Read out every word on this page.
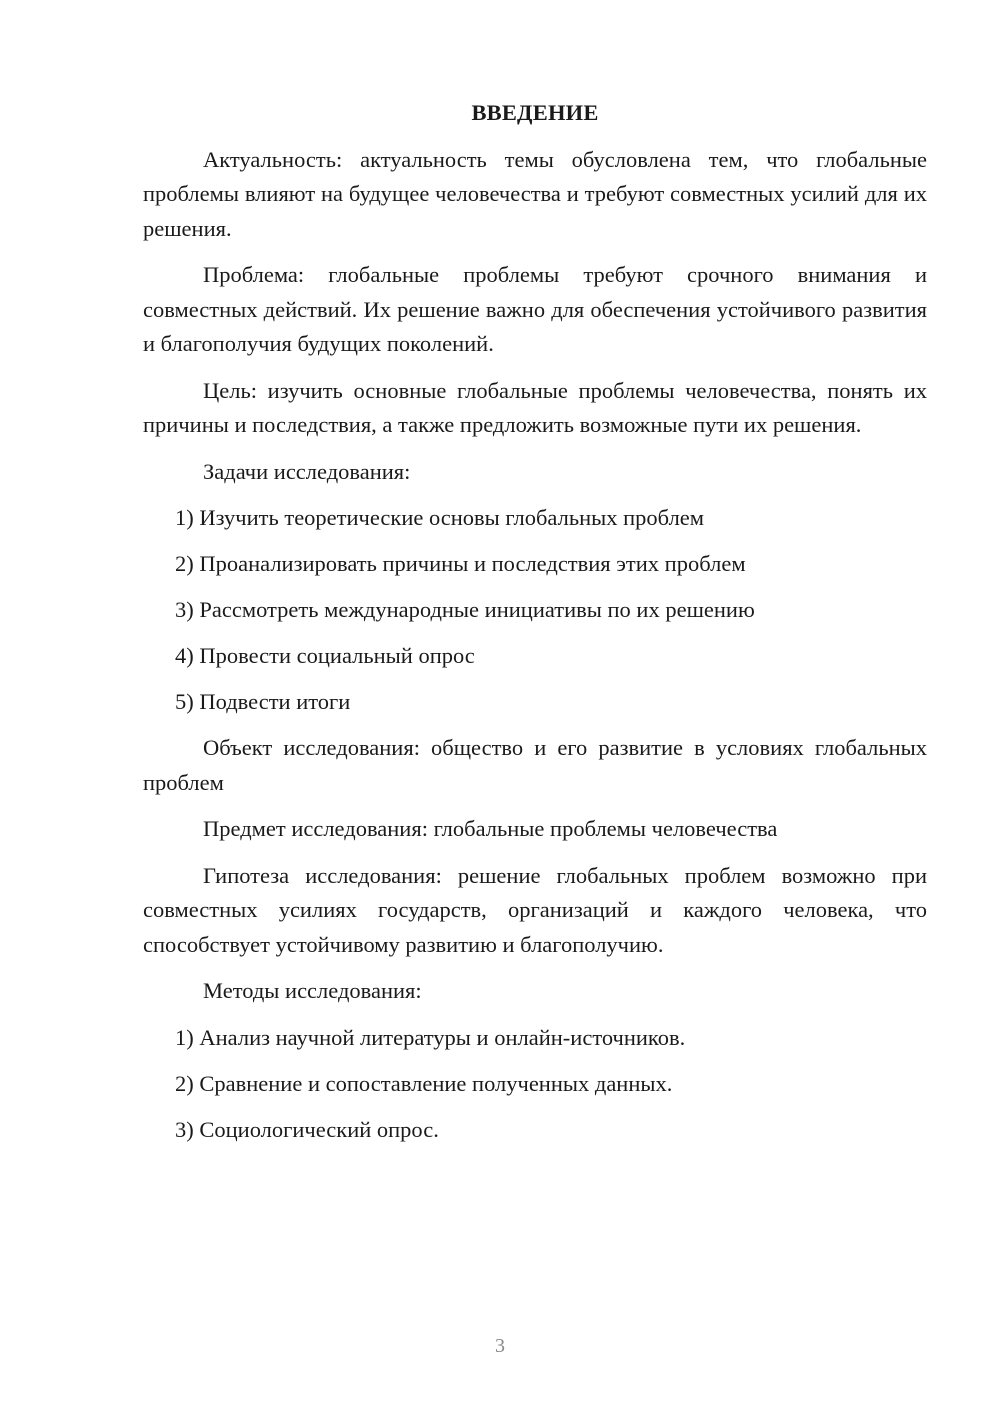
ВВЕДЕНИЕ

Актуальность: актуальность темы обусловлена тем, что глобальные проблемы влияют на будущее человечества и требуют совместных усилий для их решения.

Проблема: глобальные проблемы требуют срочного внимания и совместных действий. Их решение важно для обеспечения устойчивого развития и благополучия будущих поколений.

Цель: изучить основные глобальные проблемы человечества, понять их причины и последствия, а также предложить возможные пути их решения.

Задачи исследования:

1) Изучить теоретические основы глобальных проблем
2) Проанализировать причины и последствия этих проблем
3) Рассмотреть международные инициативы по их решению
4) Провести социальный опрос
5) Подвести итоги

Объект исследования: общество и его развитие в условиях глобальных проблем

Предмет исследования: глобальные проблемы человечества

Гипотеза исследования: решение глобальных проблем возможно при совместных усилиях государств, организаций и каждого человека, что способствует устойчивому развитию и благополучию.

Методы исследования:

1) Анализ научной литературы и онлайн-источников.
2) Сравнение и сопоставление полученных данных.
3) Социологический опрос.
3
